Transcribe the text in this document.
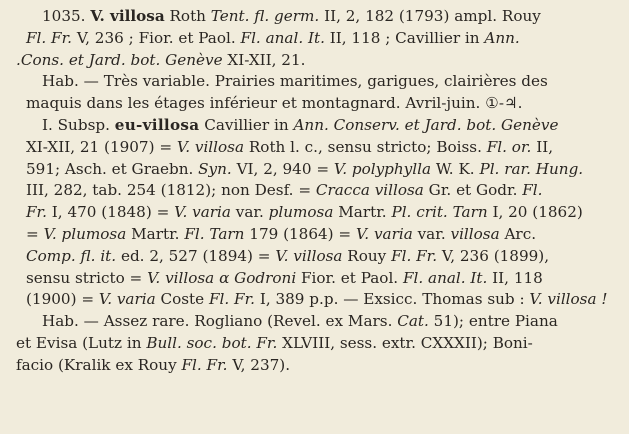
1035. V. villosa Roth Tent. fl. germ. II, 2, 182 (1793) ampl. Rouy
Fl. Fr. V, 236 ; Fior. et Paol. Fl. anal. It. II, 118 ; Cavillier in Ann.
.Cons. et Jard. bot. Genève XI-XII, 21.
Hab. — Très variable. Prairies maritimes, garigues, clairières des
maquis dans les étages inférieur et montagnard. Avril-juin. ①-♃.
I. Subsp. eu-villosa Cavillier in Ann. Conserv. et Jard. bot. Genève
XI-XII, 21 (1907) = V. villosa Roth l. c., sensu stricto; Boiss. Fl. or. II,
591; Asch. et Graebn. Syn. VI, 2, 940 = V. polyphylla W. K. Pl. rar. Hung.
III, 282, tab. 254 (1812); non Desf. = Cracca villosa Gr. et Godr. Fl.
Fr. I, 470 (1848) = V. varia var. plumosa Martr. Pl. crit. Tarn I, 20 (1862)
= V. plumosa Martr. Fl. Tarn 179 (1864) = V. varia var. villosa Arc.
Comp. fl. it. ed. 2, 527 (1894) = V. villosa Rouy Fl. Fr. V, 236 (1899),
sensu stricto = V. villosa α Godroni Fior. et Paol. Fl. anal. It. II, 118
(1900) = V. varia Coste Fl. Fr. I, 389 p.p. — Exsicc. Thomas sub : V. villosa !
Hab. — Assez rare. Rogliano (Revel. ex Mars. Cat. 51); entre Piana
et Evisa (Lutz in Bull. soc. bot. Fr. XLVIII, sess. extr. CXXXII); Boni-
facio (Kralik ex Rouy Fl. Fr. V, 237).
